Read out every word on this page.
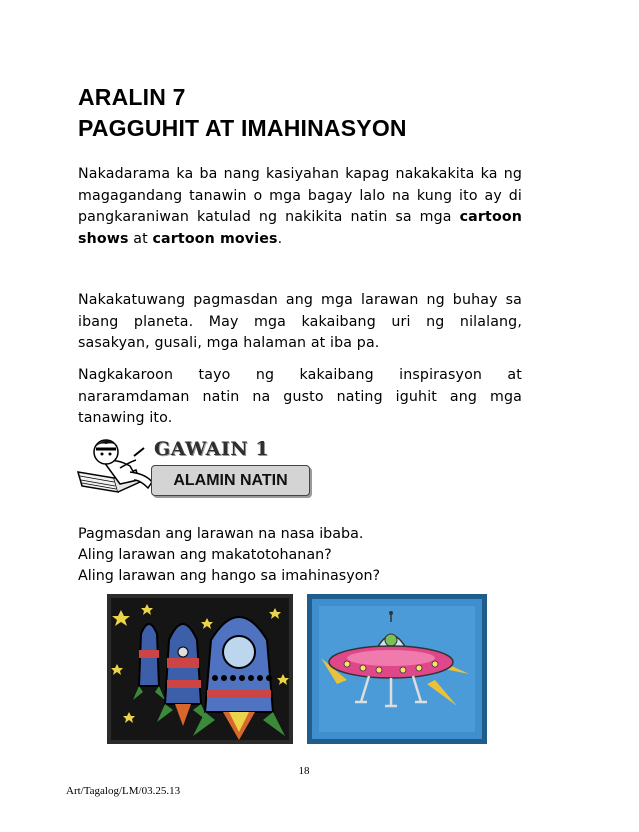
ARALIN 7
PAGGUHIT AT IMAHINASYON
Nakadarama ka ba nang kasiyahan kapag nakakakita ka ng magagandang tanawin o mga bagay lalo na kung ito ay di pangkaraniwan katulad ng nakikita natin sa mga cartoon shows at cartoon movies.
Nakakatuwang pagmasdan ang mga larawan ng buhay sa ibang planeta. May mga kakaibang uri ng nilalang, sasakyan, gusali, mga halaman at iba pa.
Nagkakaroon tayo ng kakaibang inspirasyon at nararamdaman natin na gusto nating iguhit ang mga tanawing ito.
GAWAIN 1
ALAMIN NATIN
Pagmasdan ang larawan na nasa ibaba.
Aling larawan ang makatotohanan?
Aling larawan ang hango sa imahinasyon?
18
Art/Tagalog/LM/03.25.13
